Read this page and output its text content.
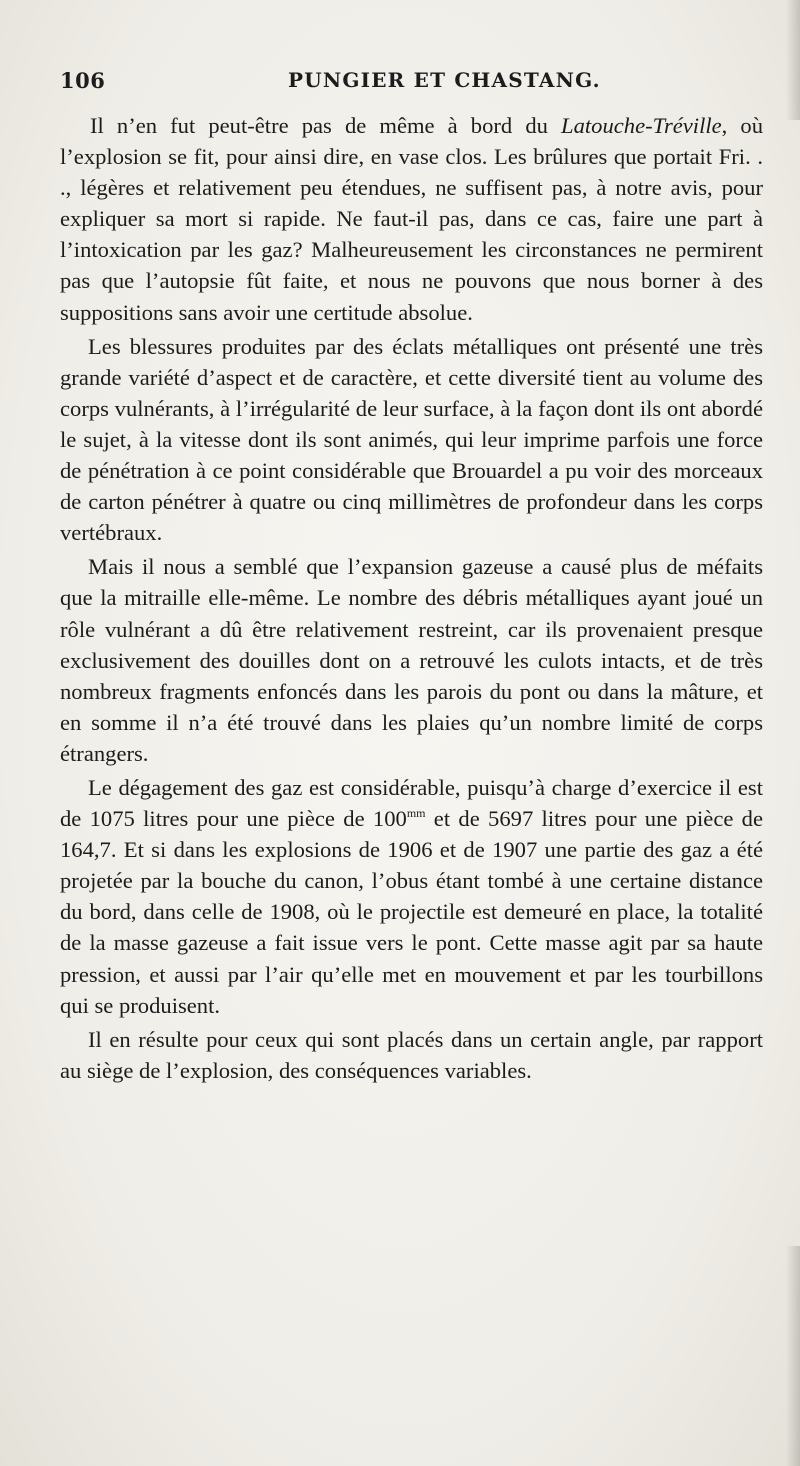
106	PUNGIER ET CHASTANG.

Il n’en fut peut-être pas de même à bord du Latouche-Tréville, où l’explosion se fit, pour ainsi dire, en vase clos. Les brûlures que portait Fri. . ., légères et relativement peu étendues, ne suffisent pas, à notre avis, pour expliquer sa mort si rapide. Ne faut-il pas, dans ce cas, faire une part à l’intoxication par les gaz? Malheureusement les circonstances ne permirent pas que l’autopsie fût faite, et nous ne pouvons que nous borner à des suppositions sans avoir une certitude absolue.

Les blessures produites par des éclats métalliques ont présenté une très grande variété d’aspect et de caractère, et cette diversité tient au volume des corps vulnérants, à l’irrégularité de leur surface, à la façon dont ils ont abordé le sujet, à la vitesse dont ils sont animés, qui leur imprime parfois une force de pénétration à ce point considérable que Brouardel a pu voir des morceaux de carton pénétrer à quatre ou cinq millimètres de profondeur dans les corps vertébraux.

Mais il nous a semblé que l’expansion gazeuse a causé plus de méfaits que la mitraille elle-même. Le nombre des débris métalliques ayant joué un rôle vulnérant a dû être relativement restreint, car ils provenaient presque exclusivement des douilles dont on a retrouvé les culots intacts, et de très nombreux fragments enfoncés dans les parois du pont ou dans la mâture, et en somme il n’a été trouvé dans les plaies qu’un nombre limité de corps étrangers.

Le dégagement des gaz est considérable, puisqu’à charge d’exercice il est de 1075 litres pour une pièce de $100^{mm}$ et de 5697 litres pour une pièce de 164,7. Et si dans les explosions de 1906 et de 1907 une partie des gaz a été projetée par la bouche du canon, l’obus étant tombé à une certaine distance du bord, dans celle de 1908, où le projectile est demeuré en place, la totalité de la masse gazeuse a fait issue vers le pont. Cette masse agit par sa haute pression, et aussi par l’air qu’elle met en mouvement et par les tourbillons qui se produisent.

Il en résulte pour ceux qui sont placés dans un certain angle, par rapport au siège de l’explosion, des conséquences variables.
